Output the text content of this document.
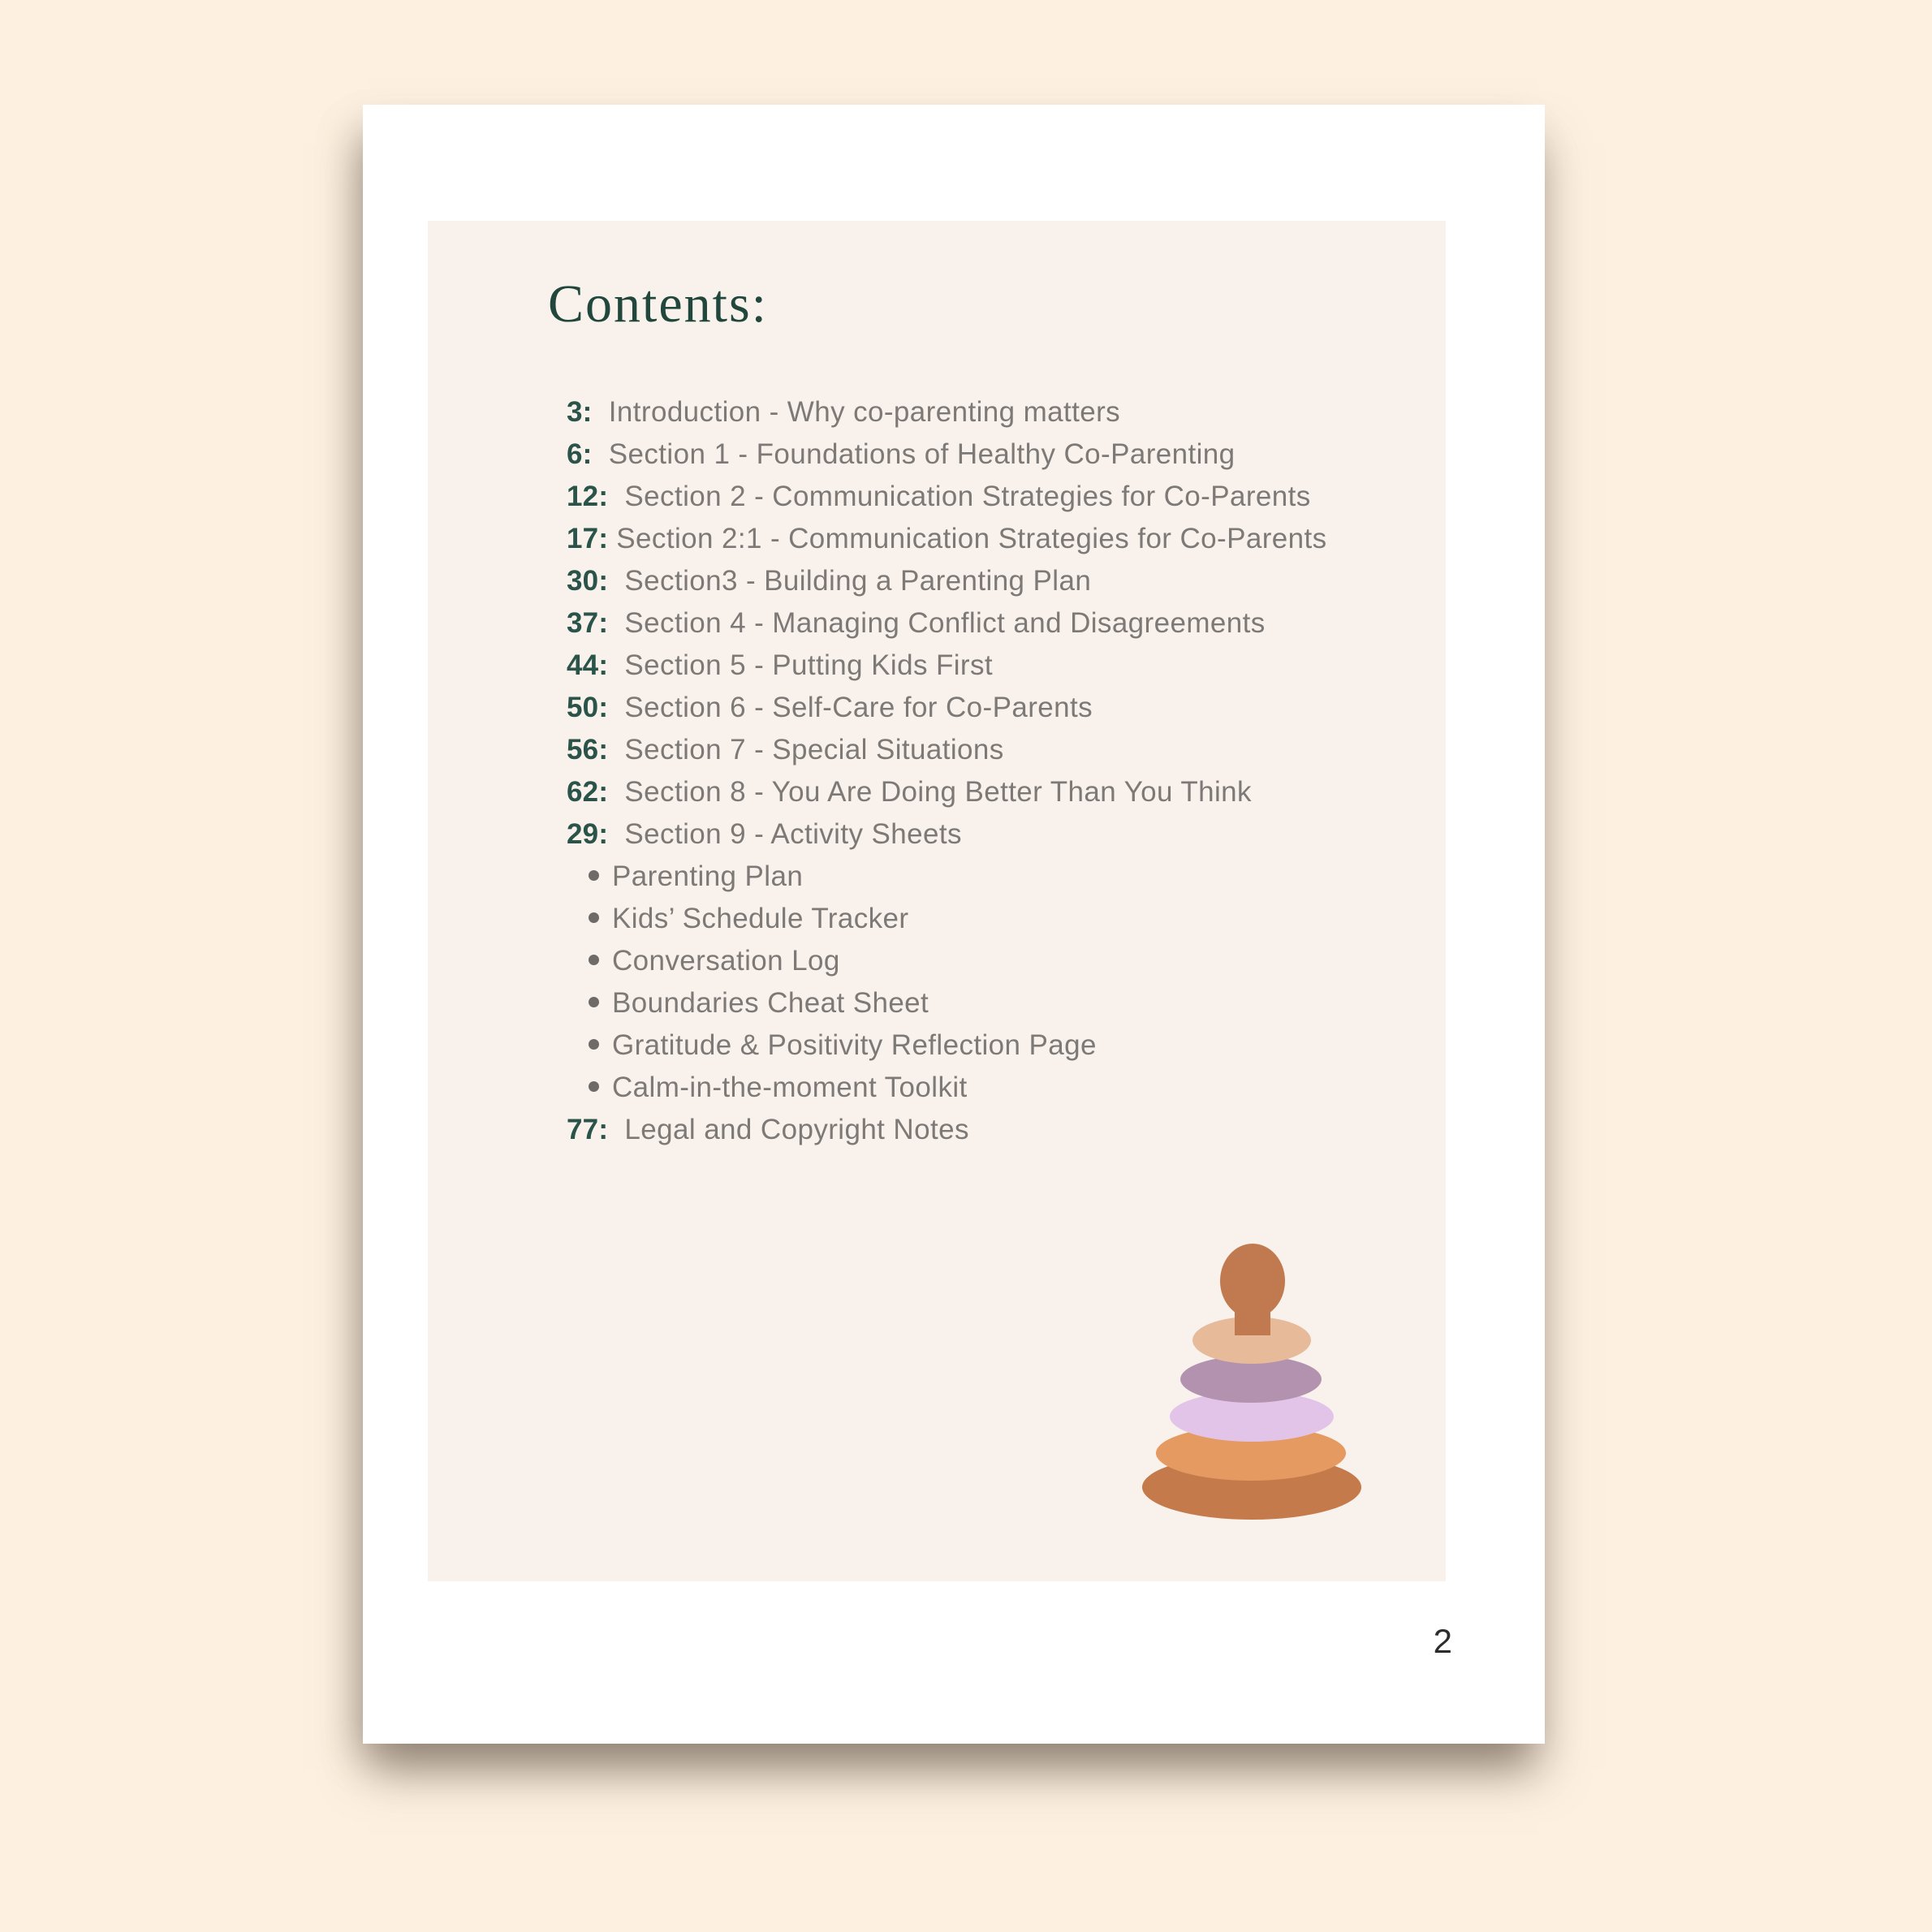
Contents:
3:  Introduction - Why co-parenting matters
6:  Section 1 - Foundations of Healthy Co-Parenting
12:  Section 2 - Communication Strategies for Co-Parents
17: Section 2:1 - Communication Strategies for Co-Parents
30:  Section3 - Building a Parenting Plan
37:  Section 4 - Managing Conflict and Disagreements
44:  Section 5 - Putting Kids First
50:  Section 6 - Self-Care for Co-Parents
56:  Section 7 - Special Situations
62:  Section 8 - You Are Doing Better Than You Think
29:  Section 9 - Activity Sheets
Parenting Plan
Kids’ Schedule Tracker
Conversation Log
Boundaries Cheat Sheet
Gratitude & Positivity Reflection Page
Calm-in-the-moment Toolkit
77:  Legal and Copyright Notes
2
